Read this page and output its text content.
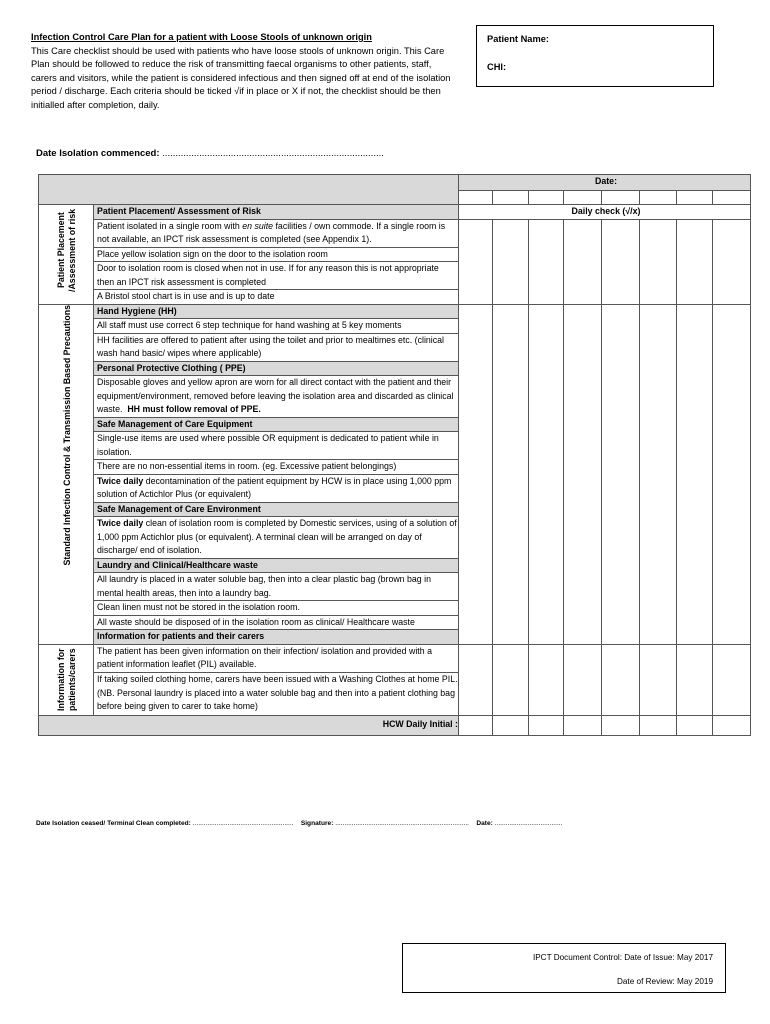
Infection Control Care Plan for a patient with Loose Stools of unknown origin
This Care checklist should be used with patients who have loose stools of unknown origin. This Care Plan should be followed to reduce the risk of transmitting faecal organisms to other patients, staff, carers and visitors, while the patient is considered infectious and then signed off at end of the isolation period / discharge. Each criteria should be ticked √if in place or X if not, the checklist should be then initialled after completion, daily.
Patient Name:
CHI:
Date Isolation commenced: ....................................................................................
		Date:							

Patient Placement /Assessment of risk	Patient Placement/ Assessment of Risk	Daily check (√/x)							
	Patient isolated in a single room with en suite facilities / own commode. If a single room is not available, an IPCT risk assessment is completed (see Appendix 1).								
	Place yellow isolation sign on the door to the isolation room								
	Door to isolation room is closed when not in use. If for any reason this is not appropriate then an IPCT risk assessment is completed								
	A Bristol stool chart is in use and is up to date								

Standard Infection Control & Transmission Based Precautions	Hand Hygiene (HH)								
	All staff must use correct 6 step technique for hand washing at 5 key moments								
	HH facilities are offered to patient after using the toilet and prior to mealtimes etc. (clinical wash hand basic/ wipes where applicable)								
	Personal Protective Clothing ( PPE)								
	Disposable gloves and yellow apron are worn for all direct contact with the patient and their equipment/environment, removed before leaving the isolation area and discarded as clinical waste. HH must follow removal of PPE.								
	Safe Management of Care Equipment								
	Single-use items are used where possible OR equipment is dedicated to patient while in isolation.								
	There are no non-essential items in room. (eg. Excessive patient belongings)								
	Twice daily decontamination of the patient equipment by HCW is in place using 1,000 ppm solution of Actichlor Plus (or equivalent)								
	Safe Management of Care Environment								
	Twice daily clean of isolation room is completed by Domestic services, using of a solution of 1,000 ppm Actichlor plus (or equivalent). A terminal clean will be arranged on day of discharge/ end of isolation.								
	Laundry and Clinical/Healthcare waste								
	All laundry is placed in a water soluble bag, then into a clear plastic bag (brown bag in mental health areas, then into a laundry bag.								
	Clean linen must not be stored in the isolation room.								
	All waste should be disposed of in the isolation room as clinical/ Healthcare waste								
	Information for patients and their carers								

Information for patients/carers	The patient has been given information on their infection/ isolation and provided with a patient information leaflet (PIL) available.								
	If taking soiled clothing home, carers have been issued with a Washing Clothes at home PIL. (NB. Personal laundry is placed into a water soluble bag and then into a patient clothing bag before being given to carer to take home)								
HCW Daily Initial :									
Date Isolation ceased/ Terminal Clean completed: ....................................................... Signature: ......................................................................... Date: .....................................
IPCT Document Control: Date of Issue: May 2017
Date of Review: May 2019
